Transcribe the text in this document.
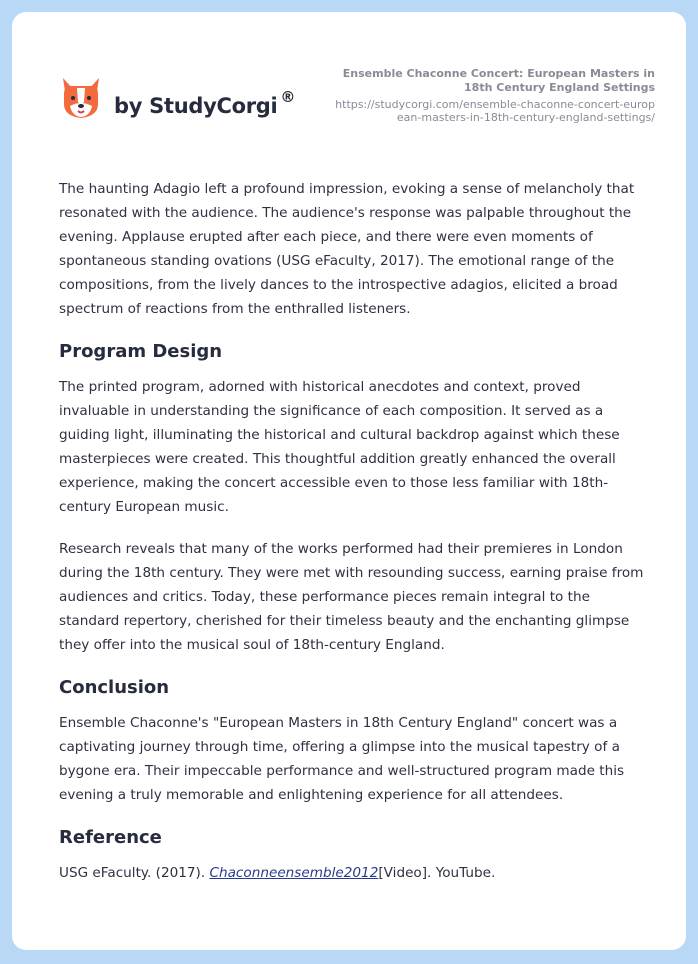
by StudyCorgi ®
Ensemble Chaconne Concert: European Masters in 18th Century England Settings
https://studycorgi.com/ensemble-chaconne-concert-european-masters-in-18th-century-england-settings/

The haunting Adagio left a profound impression, evoking a sense of melancholy that resonated with the audience. The audience's response was palpable throughout the evening. Applause erupted after each piece, and there were even moments of spontaneous standing ovations (USG eFaculty, 2017). The emotional range of the compositions, from the lively dances to the introspective adagios, elicited a broad spectrum of reactions from the enthralled listeners.

Program Design

The printed program, adorned with historical anecdotes and context, proved invaluable in understanding the significance of each composition. It served as a guiding light, illuminating the historical and cultural backdrop against which these masterpieces were created. This thoughtful addition greatly enhanced the overall experience, making the concert accessible even to those less familiar with 18th-century European music.

Research reveals that many of the works performed had their premieres in London during the 18th century. They were met with resounding success, earning praise from audiences and critics. Today, these performance pieces remain integral to the standard repertory, cherished for their timeless beauty and the enchanting glimpse they offer into the musical soul of 18th-century England.

Conclusion

Ensemble Chaconne's "European Masters in 18th Century England" concert was a captivating journey through time, offering a glimpse into the musical tapestry of a bygone era. Their impeccable performance and well-structured program made this evening a truly memorable and enlightening experience for all attendees.

Reference

USG eFaculty. (2017). Chaconneensemble2012[Video]. YouTube.
